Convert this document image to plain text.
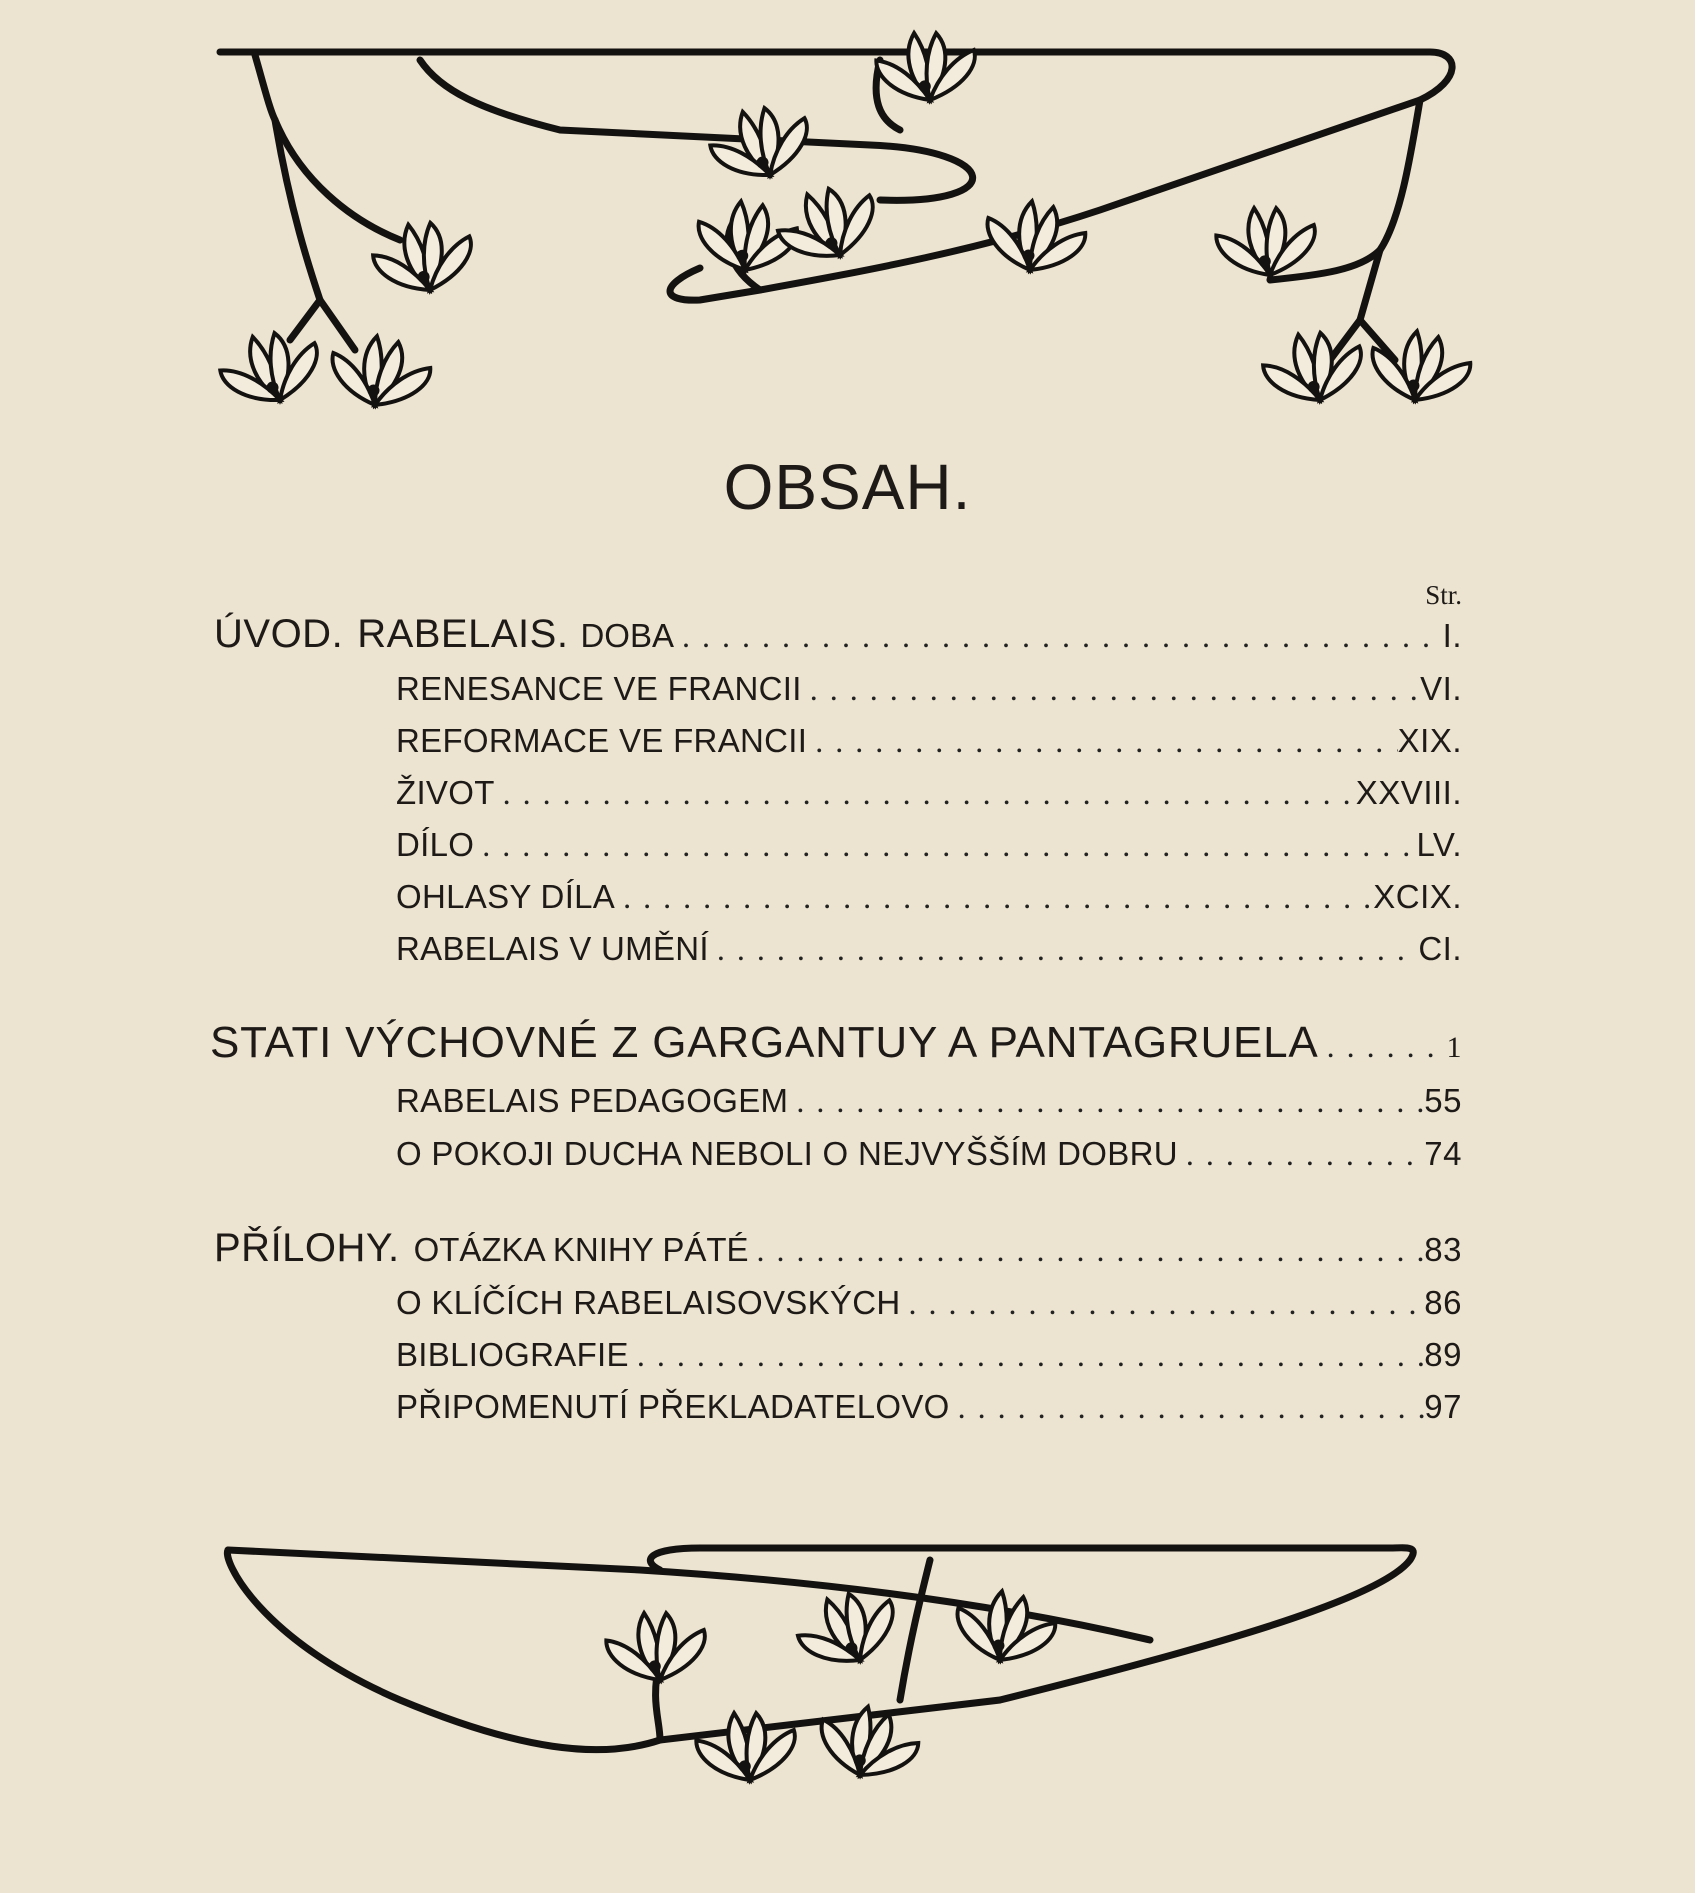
OBSAH.
Str.
ÚVOD. RABELAIS. DOBA . . .	I.
RENESANCE VE FRANCII . . .	VI.
REFORMACE VE FRANCII . . .	XIX.
ŽIVOT . . .	XXVIII.
DÍLO . . .	LV.
OHLASY DÍLA . . .	XCIX.
RABELAIS V UMĚNÍ . . .	CI.
STATI VÝCHOVNÉ Z GARGANTUY A PANTAGRUELA . . .	1
RABELAIS PEDAGOGEM . . .	55
O POKOJI DUCHA NEBOLI O NEJVYŠŠÍM DOBRU . . .	74
PŘÍLOHY. OTÁZKA KNIHY PÁTÉ . . .	83
O KLÍČÍCH RABELAISOVSKÝCH . . .	86
BIBLIOGRAFIE . . .	89
PŘIPOMENUTÍ PŘEKLADATELOVO . . .	97
